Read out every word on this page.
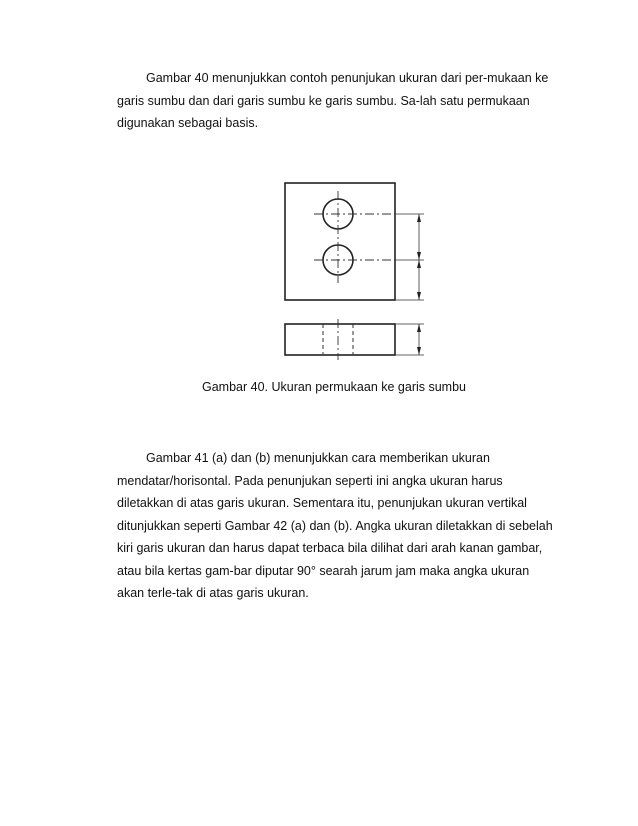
Gambar 40 menunjukkan contoh penunjukan ukuran dari per-mukaan ke
garis sumbu dan dari garis sumbu ke garis sumbu. Sa-lah satu permukaan
digunakan sebagai basis.
Gambar 40. Ukuran permukaan ke garis sumbu
Gambar 41 (a) dan (b) menunjukkan cara memberikan ukuran
mendatar/horisontal. Pada penunjukan seperti ini angka ukuran harus
diletakkan di atas garis ukuran. Sementara itu, penunjukan ukuran vertikal
ditunjukkan seperti Gambar 42 (a) dan (b). Angka ukuran diletakkan di sebelah
kiri garis ukuran dan harus dapat terbaca bila dilihat dari arah kanan gambar,
atau bila kertas gam-bar diputar 90° searah jarum jam maka angka ukuran
akan terle-tak di atas garis ukuran.
